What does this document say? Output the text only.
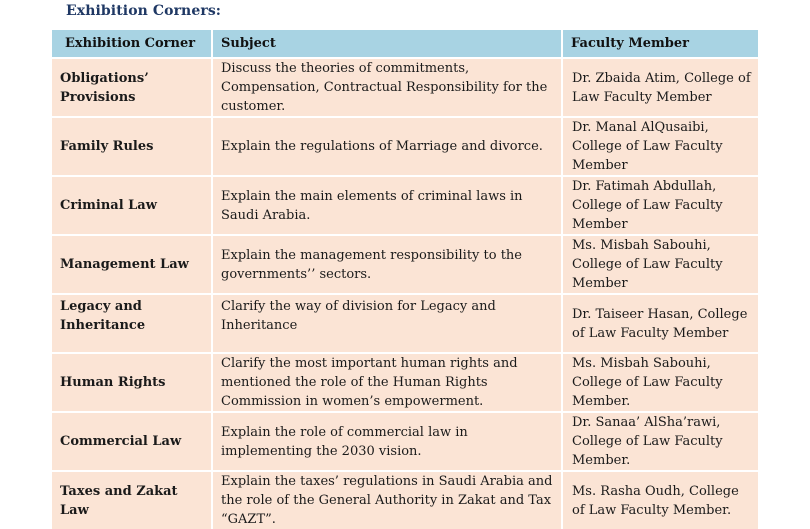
Exhibition Corners:
Exhibition Corner	Subject	Faculty Member
Obligations’ Provisions	Discuss the theories of commitments, Compensation, Contractual Responsibility for the customer.	Dr. Zbaida Atim, College of Law Faculty Member
Family Rules	Explain the regulations of Marriage and divorce.	Dr. Manal AlQusaibi, College of Law Faculty Member
Criminal Law	Explain the main elements of criminal laws in Saudi Arabia.	Dr. Fatimah Abdullah, College of Law Faculty Member
Management Law	Explain the management responsibility to the governments’’ sectors.	Ms. Misbah Sabouhi, College of Law Faculty Member
Legacy and Inheritance	Clarify the way of division for Legacy and Inheritance	Dr. Taiseer Hasan, College of Law Faculty Member
Human Rights	Clarify the most important human rights and mentioned the role of the Human Rights Commission in women’s empowerment.	Ms. Misbah Sabouhi, College of Law Faculty Member.
Commercial Law	Explain the role of commercial law in implementing the 2030 vision.	Dr. Sanaa’ AlSha’rawi, College of Law Faculty Member.
Taxes and Zakat Law	Explain the taxes’ regulations in Saudi Arabia and the role of the General Authority in Zakat and Tax “GAZT”.	Ms. Rasha Oudh, College of Law Faculty Member.
